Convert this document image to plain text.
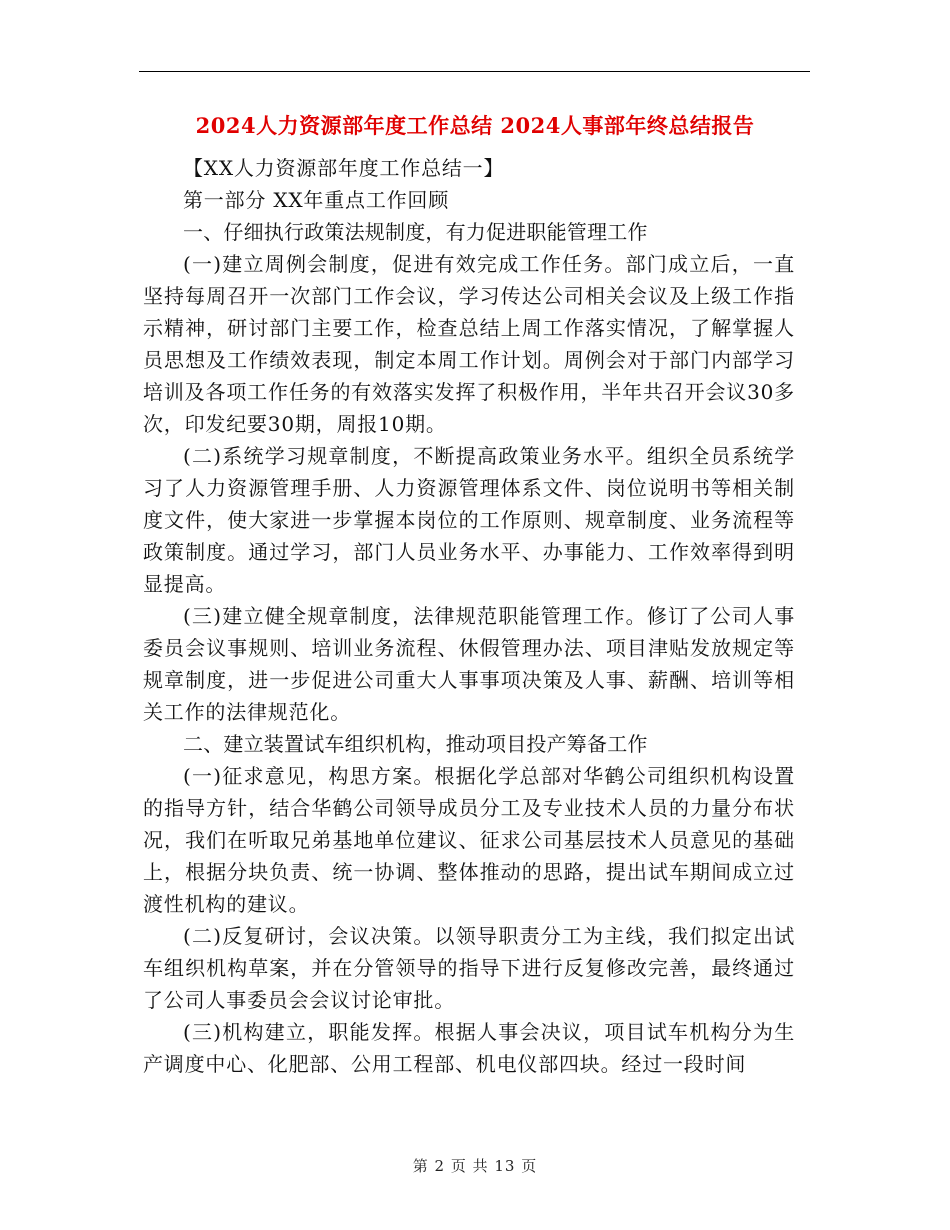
2024人力资源部年度工作总结 2024人事部年终总结报告

【XX人力资源部年度工作总结一】

第一部分 XX年重点工作回顾

一、仔细执行政策法规制度，有力促进职能管理工作

(一)建立周例会制度，促进有效完成工作任务。部门成立后，一直坚持每周召开一次部门工作会议，学习传达公司相关会议及上级工作指示精神，研讨部门主要工作，检查总结上周工作落实情况，了解掌握人员思想及工作绩效表现，制定本周工作计划。周例会对于部门内部学习培训及各项工作任务的有效落实发挥了积极作用，半年共召开会议30多次，印发纪要30期，周报10期。

(二)系统学习规章制度，不断提高政策业务水平。组织全员系统学习了人力资源管理手册、人力资源管理体系文件、岗位说明书等相关制度文件，使大家进一步掌握本岗位的工作原则、规章制度、业务流程等政策制度。通过学习，部门人员业务水平、办事能力、工作效率得到明显提高。

(三)建立健全规章制度，法律规范职能管理工作。修订了公司人事委员会议事规则、培训业务流程、休假管理办法、项目津贴发放规定等规章制度，进一步促进公司重大人事事项决策及人事、薪酬、培训等相关工作的法律规范化。

二、建立装置试车组织机构，推动项目投产筹备工作

(一)征求意见，构思方案。根据化学总部对华鹤公司组织机构设置的指导方针，结合华鹤公司领导成员分工及专业技术人员的力量分布状况，我们在听取兄弟基地单位建议、征求公司基层技术人员意见的基础上，根据分块负责、统一协调、整体推动的思路，提出试车期间成立过渡性机构的建议。

(二)反复研讨，会议决策。以领导职责分工为主线，我们拟定出试车组织机构草案，并在分管领导的指导下进行反复修改完善，最终通过了公司人事委员会会议讨论审批。

(三)机构建立，职能发挥。根据人事会决议，项目试车机构分为生产调度中心、化肥部、公用工程部、机电仪部四块。经过一段时间

第 2 页 共 13 页
